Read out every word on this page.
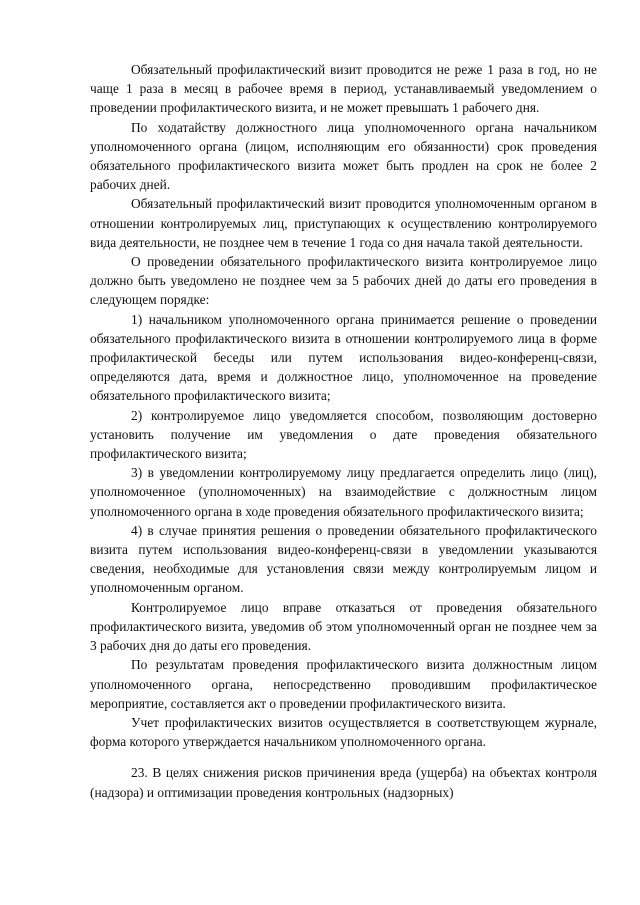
Обязательный профилактический визит проводится не реже 1 раза в год, но не чаще 1 раза в месяц в рабочее время в период, устанавливаемый уведомлением о проведении профилактического визита, и не может превышать 1 рабочего дня.

По ходатайству должностного лица уполномоченного органа начальником уполномоченного органа (лицом, исполняющим его обязанности) срок проведения обязательного профилактического визита может быть продлен на срок не более 2 рабочих дней.

Обязательный профилактический визит проводится уполномоченным органом в отношении контролируемых лиц, приступающих к осуществлению контролируемого вида деятельности, не позднее чем в течение 1 года со дня начала такой деятельности.

О проведении обязательного профилактического визита контролируемое лицо должно быть уведомлено не позднее чем за 5 рабочих дней до даты его проведения в следующем порядке:

1) начальником уполномоченного органа принимается решение о проведении обязательного профилактического визита в отношении контролируемого лица в форме профилактической беседы или путем использования видео-конференц-связи, определяются дата, время и должностное лицо, уполномоченное на проведение обязательного профилактического визита;

2) контролируемое лицо уведомляется способом, позволяющим достоверно установить получение им уведомления о дате проведения обязательного профилактического визита;

3) в уведомлении контролируемому лицу предлагается определить лицо (лиц), уполномоченное (уполномоченных) на взаимодействие с должностным лицом уполномоченного органа в ходе проведения обязательного профилактического визита;

4) в случае принятия решения о проведении обязательного профилактического визита путем использования видео-конференц-связи в уведомлении указываются сведения, необходимые для установления связи между контролируемым лицом и уполномоченным органом.

Контролируемое лицо вправе отказаться от проведения обязательного профилактического визита, уведомив об этом уполномоченный орган не позднее чем за 3 рабочих дня до даты его проведения.

По результатам проведения профилактического визита должностным лицом уполномоченного органа, непосредственно проводившим профилактическое мероприятие, составляется акт о проведении профилактического визита.

Учет профилактических визитов осуществляется в соответствующем журнале, форма которого утверждается начальником уполномоченного органа.

23. В целях снижения рисков причинения вреда (ущерба) на объектах контроля (надзора) и оптимизации проведения контрольных (надзорных)
